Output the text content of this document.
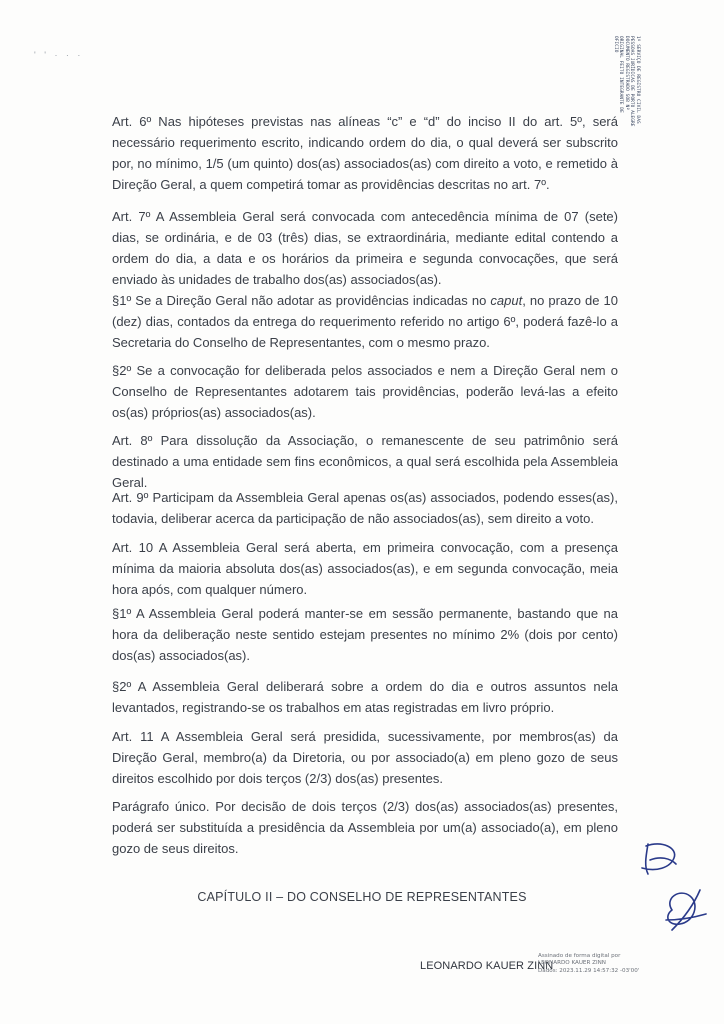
' ' · · ·	1º SERVIÇO DE REGISTRO CIVIL DAS
PESSOAS JURÍDICAS DE PORTO ALEGRE
DOCUMENTO REGISTRADO SOB Nº
ORIGINAL FEITO INTEGRANTE DE
OFICIO

Art. 6º Nas hipóteses previstas nas alíneas “c” e “d” do inciso II do art. 5º, será necessário requerimento escrito, indicando ordem do dia, o qual deverá ser subscrito por, no mínimo, 1/5 (um quinto) dos(as) associados(as) com direito a voto, e remetido à Direção Geral, a quem competirá tomar as providências descritas no art. 7º.

Art. 7º A Assembleia Geral será convocada com antecedência mínima de 07 (sete) dias, se ordinária, e de 03 (três) dias, se extraordinária, mediante edital contendo a ordem do dia, a data e os horários da primeira e segunda convocações, que será enviado às unidades de trabalho dos(as) associados(as).

§1º Se a Direção Geral não adotar as providências indicadas no caput, no prazo de 10 (dez) dias, contados da entrega do requerimento referido no artigo 6º, poderá fazê-lo a Secretaria do Conselho de Representantes, com o mesmo prazo.

§2º Se a convocação for deliberada pelos associados e nem a Direção Geral nem o Conselho de Representantes adotarem tais providências, poderão levá-las a efeito os(as) próprios(as) associados(as).

Art. 8º Para dissolução da Associação, o remanescente de seu patrimônio será destinado a uma entidade sem fins econômicos, a qual será escolhida pela Assembleia Geral.

Art. 9º Participam da Assembleia Geral apenas os(as) associados, podendo esses(as), todavia, deliberar acerca da participação de não associados(as), sem direito a voto.

Art. 10 A Assembleia Geral será aberta, em primeira convocação, com a presença mínima da maioria absoluta dos(as) associados(as), e em segunda convocação, meia hora após, com qualquer número.

§1º A Assembleia Geral poderá manter-se em sessão permanente, bastando que na hora da deliberação neste sentido estejam presentes no mínimo 2% (dois por cento) dos(as) associados(as).

§2º A Assembleia Geral deliberará sobre a ordem do dia e outros assuntos nela levantados, registrando-se os trabalhos em atas registradas em livro próprio.

Art. 11 A Assembleia Geral será presidida, sucessivamente, por membros(as) da Direção Geral, membro(a) da Diretoria, ou por associado(a) em pleno gozo de seus direitos escolhido por dois terços (2/3) dos(as) presentes.

Parágrafo único. Por decisão de dois terços (2/3) dos(as) associados(as) presentes, poderá ser substituída a presidência da Assembleia por um(a) associado(a), em pleno gozo de seus direitos.

CAPÍTULO II – DO CONSELHO DE REPRESENTANTES
LEONARDO KAUER ZINN
Assinado de forma digital por
LEONARDO KAUER ZINN
Dados: 2023.11.29 14:57:32 -03'00'
